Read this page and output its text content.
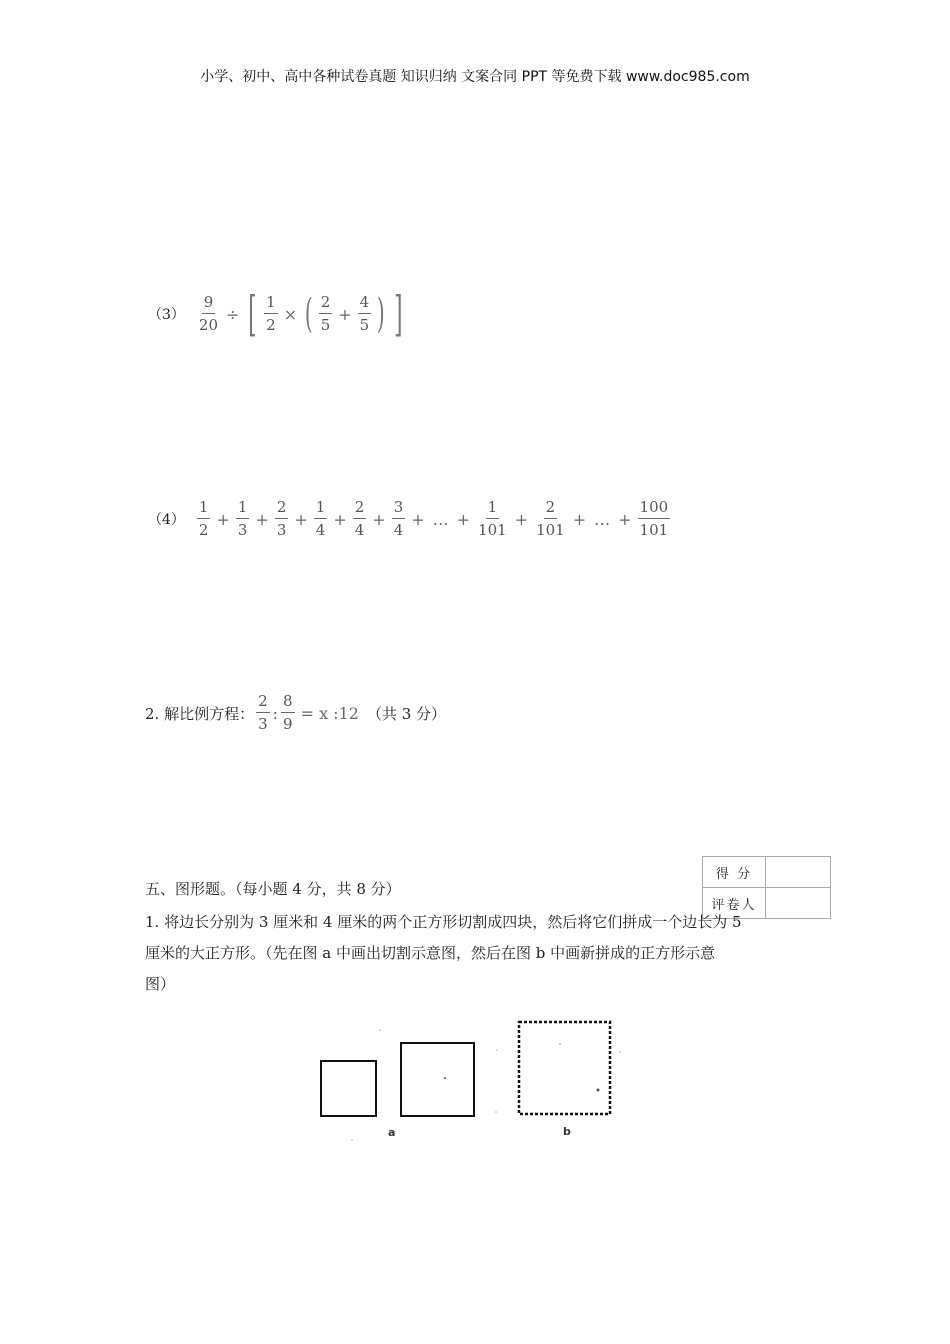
小学、初中、高中各种试卷真题 知识归纳 文案合同 PPT 等免费下载 www.doc985.com
$(3) \frac{9}{20}$ ÷ [ $\frac{1}{2}$ × ( $\frac{2}{5} + \frac{4}{5}$ ) ]
$(4) \frac{1}{2} + \frac{1}{3} + \frac{2}{3} + \frac{1}{4} + \frac{2}{4} + \frac{3}{4}$ + … + $\frac{1}{101} + \frac{2}{101}$ + … + $\frac{100}{101}$
2. 解比例方程： $\frac{2}{3}$ : $\frac{8}{9} = x$ :12 （共 3 分）
得 分	
评卷人	
五、图形题。（每小题 4 分，共 8 分）
1. 将边长分别为 3 厘米和 4 厘米的两个正方形切割成四块，然后将它们拼成一个边长为 5
厘米的大正方形。（先在图 a 中画出切割示意图，然后在图 b 中画新拼成的正方形示意
图）
a	b
